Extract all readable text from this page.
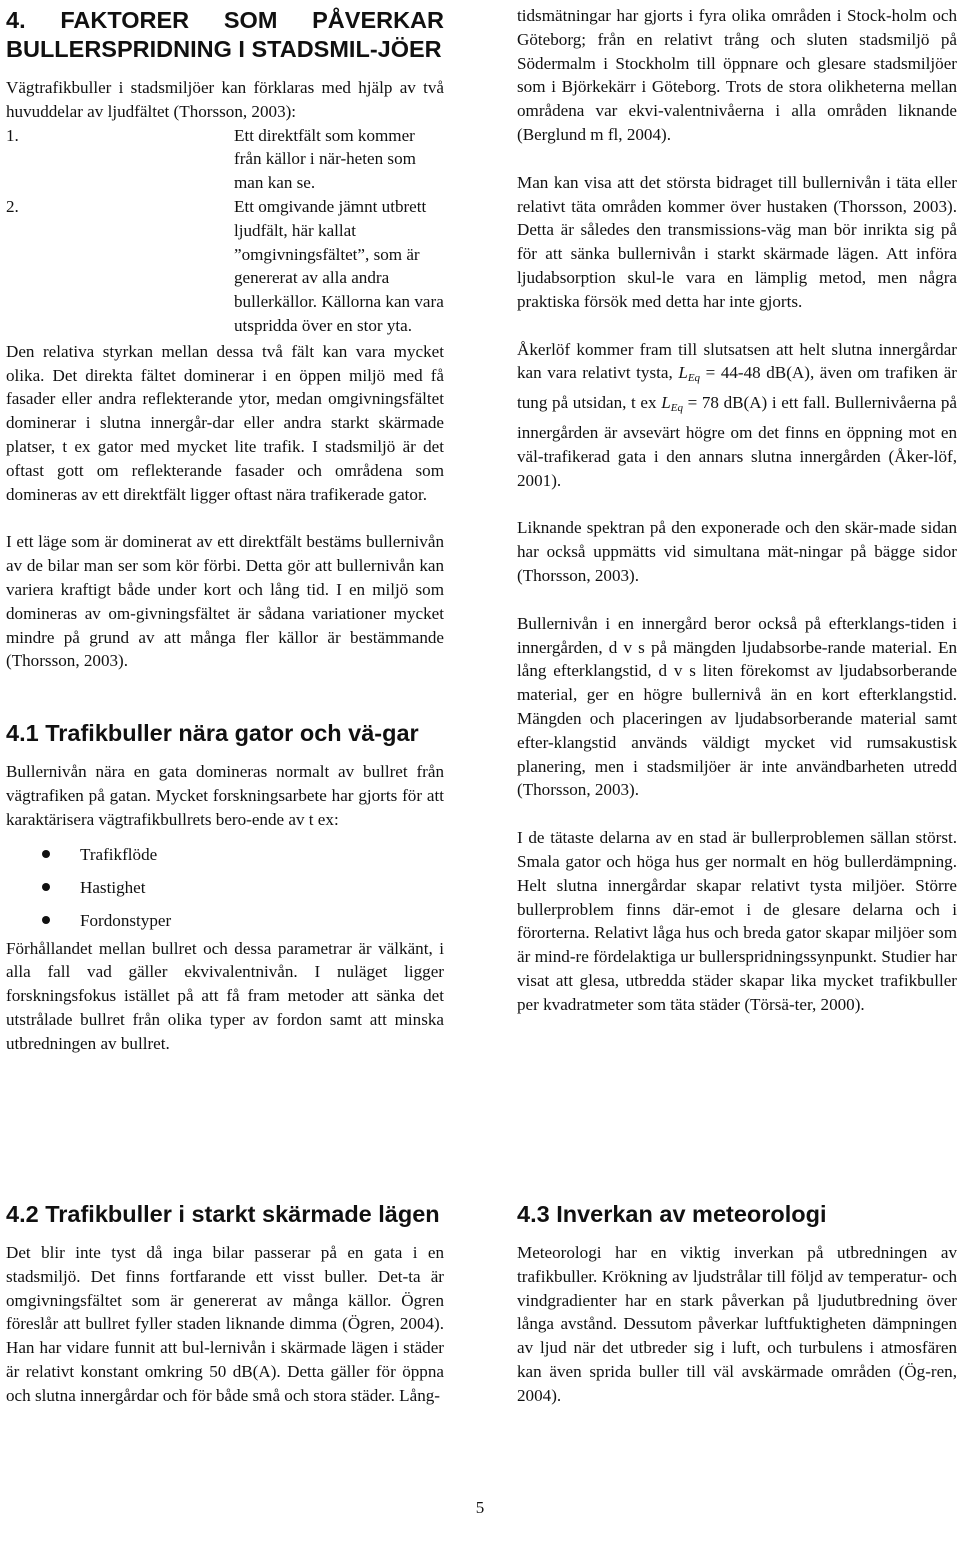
4. FAKTORER SOM PÅVERKAR BULLERSPRIDNING I STADSMIL-JÖER

Vägtrafikbuller i stadsmiljöer kan förklaras med hjälp av två huvuddelar av ljudfältet (Thorsson, 2003):

1.	Ett direktfält som kommer från källor i när-heten som man kan se.
2.	Ett omgivande jämnt utbrett ljudfält, här kallat ”omgivningsfältet”, som är genererat av alla andra bullerkällor. Källorna kan vara utspridda över en stor yta.

Den relativa styrkan mellan dessa två fält kan vara mycket olika. Det direkta fältet dominerar i en öppen miljö med få fasader eller andra reflekterande ytor, medan omgivningsfältet dominerar i slutna innergår-dar eller andra starkt skärmade platser, t ex gator med mycket lite trafik. I stadsmiljö är det oftast gott om reflekterande fasader och områdena som domineras av ett direktfält ligger oftast nära trafikerade gator.

I ett läge som är dominerat av ett direktfält bestäms bullernivån av de bilar man ser som kör förbi. Detta gör att bullernivån kan variera kraftigt både under kort och lång tid. I en miljö som domineras av om-givningsfältet är sådana variationer mycket mindre på grund av att många fler källor är bestämmande (Thorsson, 2003).

4.1 Trafikbuller nära gator och vä-gar

Bullernivån nära en gata domineras normalt av bullret från vägtrafiken på gatan. Mycket forskningsarbete har gjorts för att karaktärisera vägtrafikbullrets bero-ende av t ex:

Trafikflöde
Hastighet
Fordonstyper

Förhållandet mellan bullret och dessa parametrar är välkänt, i alla fall vad gäller ekvivalentnivån. I nuläget ligger forskningsfokus istället på att få fram metoder att sänka det utstrålade bullret från olika typer av fordon samt att minska utbredningen av bullret.

tidsmätningar har gjorts i fyra olika områden i Stock-holm och Göteborg; från en relativt trång och sluten stadsmiljö på Södermalm i Stockholm till öppnare och glesare stadsmiljöer som i Björkekärr i Göteborg. Trots de stora olikheterna mellan områdena var ekvi-valentnivåerna i alla områden liknande (Berglund m fl, 2004).

Man kan visa att det största bidraget till bullernivån i täta eller relativt täta områden kommer över hustaken (Thorsson, 2003). Detta är således den transmissions-väg man bör inrikta sig på för att sänka bullernivån i starkt skärmade lägen. Att införa ljudabsorption skul-le vara en lämplig metod, men några praktiska försök med detta har inte gjorts.

Åkerlöf kommer fram till slutsatsen att helt slutna innergårdar kan vara relativt tysta, $L_{Eq} = 44-48$ dB(A), även om trafiken är tung på utsidan, t ex $L_{Eq} = 78$ dB(A) i ett fall. Bullernivåerna på innergården är avsevärt högre om det finns en öppning mot en väl-trafikerad gata i den annars slutna innergården (Åker-löf, 2001).

Liknande spektran på den exponerade och den skär-made sidan har också uppmätts vid simultana mät-ningar på bägge sidor (Thorsson, 2003).

Bullernivån i en innergård beror också på efterklangs-tiden i innergården, d v s på mängden ljudabsorbe-rande material. En lång efterklangstid, d v s liten förekomst av ljudabsorberande material, ger en högre bullernivå än en kort efterklangstid. Mängden och placeringen av ljudabsorberande material samt efter-klangstid används väldigt mycket vid rumsakustisk planering, men i stadsmiljöer är inte användbarheten utredd (Thorsson, 2003).

I de tätaste delarna av en stad är bullerproblemen sällan störst. Smala gator och höga hus ger normalt en hög bullerdämpning. Helt slutna innergårdar skapar relativt tysta miljöer. Större bullerproblem finns där-emot i de glesare delarna och i förorterna. Relativt låga hus och breda gator skapar miljöer som är mind-re fördelaktiga ur bullerspridningssynpunkt. Studier har visat att glesa, utbredda städer skapar lika mycket trafikbuller per kvadratmeter som täta städer (Törsä-ter, 2000).

4.2 Trafikbuller i starkt skärmade lägen

Det blir inte tyst då inga bilar passerar på en gata i en stadsmiljö. Det finns fortfarande ett visst buller. Det-ta är omgivningsfältet som är genererat av många källor. Ögren föreslår att bullret fyller staden liknande dimma (Ögren, 2004). Han har vidare funnit att bul-lernivån i skärmade lägen i städer är relativt konstant omkring 50 dB(A). Detta gäller för öppna och slutna innergårdar och för både små och stora städer. Lång-

4.3 Inverkan av meteorologi

Meteorologi har en viktig inverkan på utbredningen av trafikbuller. Krökning av ljudstrålar till följd av temperatur- och vindgradienter har en stark påverkan på ljudutbredning över långa avstånd. Dessutom påverkar luftfuktigheten dämpningen av ljud när det utbreder sig i luft, och turbulens i atmosfären kan även sprida buller till väl avskärmade områden (Ög-ren, 2004).

5
